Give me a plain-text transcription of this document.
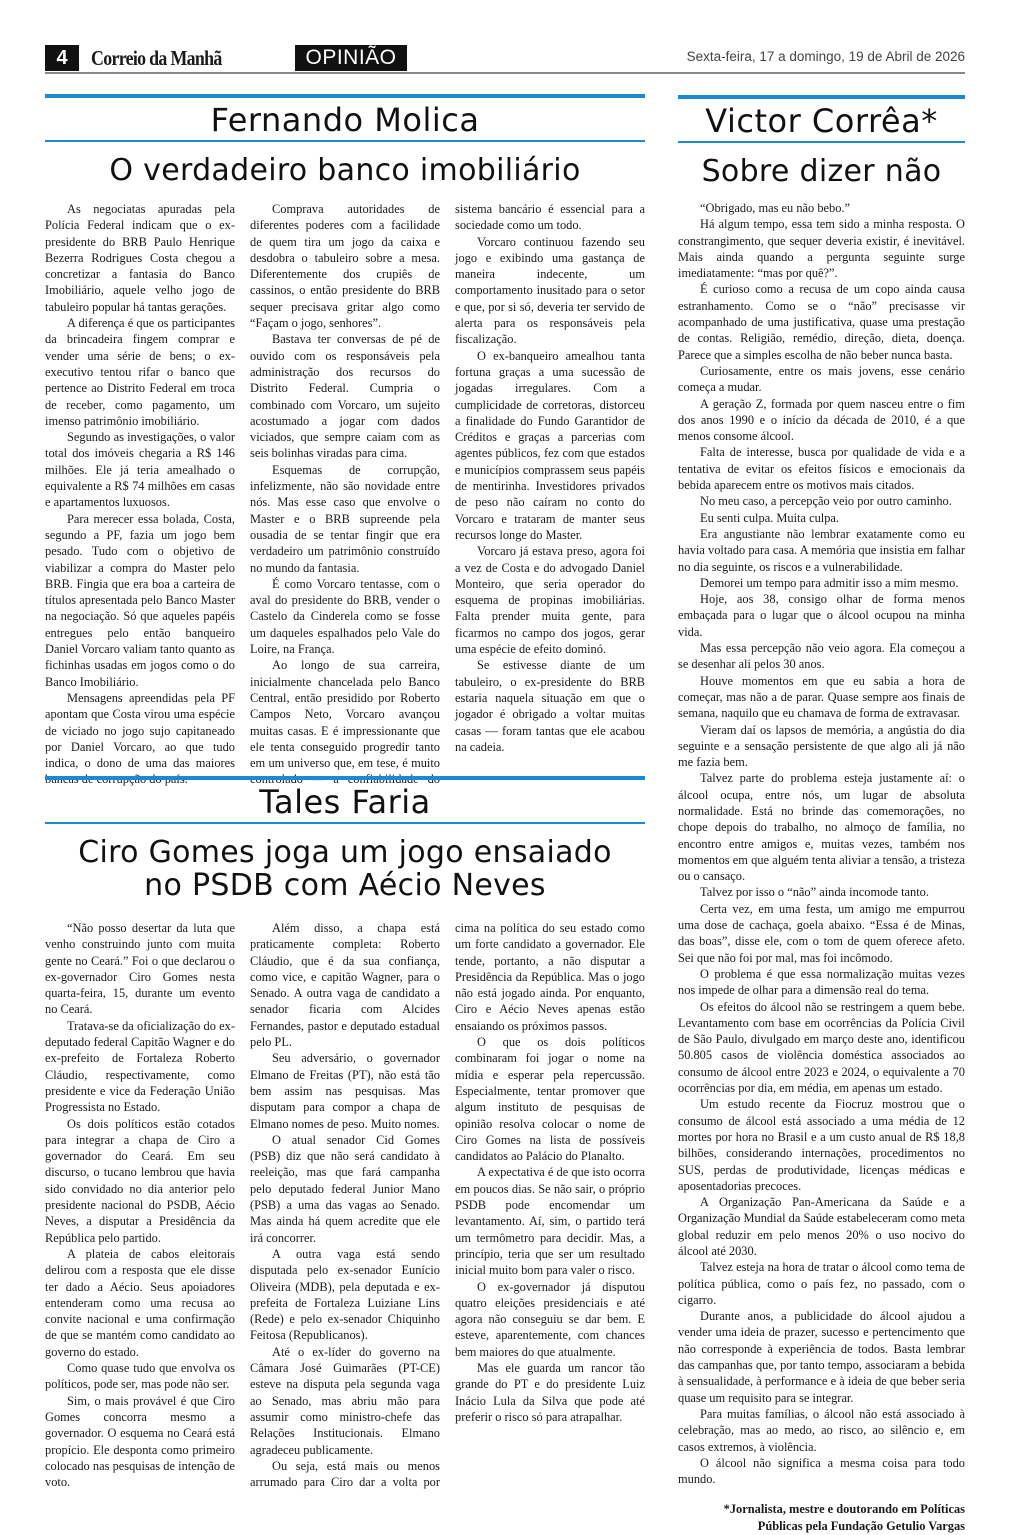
4	Correio da Manhã	OPINIÃO	Sexta-feira, 17 a domingo, 19 de Abril de 2026
Fernando Molica
O verdadeiro banco imobiliário

As negociatas apuradas pela Polícia Federal indicam que o ex-presidente do BRB Paulo Henrique Bezerra Rodrigues Costa chegou a concretizar a fantasia do Banco Imobiliário, aquele velho jogo de tabuleiro popular há tantas gerações.

A diferença é que os participantes da brincadeira fingem comprar e vender uma série de bens; o ex-executivo tentou rifar o banco que pertence ao Distrito Federal em troca de receber, como pagamento, um imenso patrimônio imobiliário.

Segundo as investigações, o valor total dos imóveis chegaria a R$ 146 milhões. Ele já teria amealhado o equivalente a R$ 74 milhões em casas e apartamentos luxuosos.

Para merecer essa bolada, Costa, segundo a PF, fazia um jogo bem pesado. Tudo com o objetivo de viabilizar a compra do Master pelo BRB. Fingia que era boa a carteira de títulos apresentada pelo Banco Master na negociação. Só que aqueles papéis entregues pelo então banqueiro Daniel Vorcaro valiam tanto quanto as fichinhas usadas em jogos como o do Banco Imobiliário.

Mensagens apreendidas pela PF apontam que Costa virou uma espécie de viciado no jogo sujo capitaneado por Daniel Vorcaro, ao que tudo indica, o dono de uma das maiores

Comprava autoridades de diferentes poderes com a facilidade de quem tira um jogo da caixa e desdobra o tabuleiro sobre a mesa. Diferentemente dos crupiês de cassinos, o então presidente do BRB sequer precisava gritar algo como “Façam o jogo, senhores”.

Bastava ter conversas de pé de ouvido com os responsáveis pela administração dos recursos do Distrito Federal. Cumpria o combinado com Vorcaro, um sujeito acostumado a jogar com dados viciados, que sempre caiam com as seis bolinhas viradas para cima.

Esquemas de corrupção, infelizmente, não são novidade entre nós. Mas esse caso que envolve o Master e o BRB supreende pela ousadia de se tentar fingir que era verdadeiro um patrimônio construído no mundo da fantasia.

É como Vorcaro tentasse, com o aval do presidente do BRB, vender o Castelo da Cinderela como se fosse um daqueles espalhados pelo Vale do Loire, na França.

Ao longo de sua carreira, inicialmente chancelada pelo Banco Central, então presidido por Roberto Campos Neto, Vorcaro avançou muitas casas. E é impressionante que ele tenta conseguido progredir tanto em um universo que, em tese, é muito sistema bancário é essencial para a sociedade como um todo.

Vorcaro continuou fazendo seu jogo e exibindo uma gastança de maneira indecente, um comportamento inusitado para o setor e que, por si só, deveria ter servido de alerta para os responsáveis pela fiscalização.

O ex-banqueiro amealhou tanta fortuna graças a uma sucessão de jogadas irregulares. Com a cumplicidade de corretoras, distorceu a finalidade do Fundo Garantidor de Créditos e graças a parcerias com agentes públicos, fez com que estados e municípios comprassem seus papéis de mentirinha. Investidores privados de peso não caíram no conto do Vorcaro e trataram de manter seus recursos longe do Master.

Vorcaro já estava preso, agora foi a vez de Costa e do advogado Daniel Monteiro, que seria operador do esquema de propinas imobiliárias. Falta prender muita gente, para ficarmos no campo dos jogos, gerar uma espécie de efeito dominó.

Se estivesse diante de um tabuleiro, o ex-presidente do BRB estaria naquela situação em que o jogador é obrigado a voltar muitas casas — foram tantas que ele acabou na cadeia.

Tales Faria
Ciro Gomes joga um jogo ensaiado
no PSDB com Aécio Neves

“Não posso desertar da luta que venho construindo junto com muita gente no Ceará.” Foi o que declarou o ex-governador Ciro Gomes nesta quarta-feira, 15, durante um evento no Ceará.

Tratava-se da oficialização do ex-deputado federal Capitão Wagner e do ex-prefeito de Fortaleza Roberto Cláudio, respectivamente, como presidente e vice da Federação União Progressista no Estado.

Os dois políticos estão cotados para integrar a chapa de Ciro a governador do Ceará. Em seu discurso, o tucano lembrou que havia sido convidado no dia anterior pelo presidente nacional do PSDB, Aécio Neves, a disputar a Presidência da República pelo partido.

A plateia de cabos eleitorais delirou com a resposta que ele disse ter dado a Aécio. Seus apoiadores entenderam como uma recusa ao convite nacional e uma confirmação de que se mantém como candidato ao governo do estado.

Como quase tudo que envolva os políticos, pode ser, mas pode não ser.

Sim, o mais provável é que Ciro Gomes concorra mesmo a governador. O esquema no Ceará está propício. Ele desponta como primeiro colocado nas pesquisas de intenção de voto.

Além disso, a chapa está praticamente completa: Roberto Cláudio, que é da sua confiança, como vice, e capitão Wagner, para o Senado. A outra vaga de candidato a senador ficaria com Alcides Fernandes, pastor e deputado estadual pelo PL.

Seu adversário, o governador Elmano de Freitas (PT), não está tão bem assim nas pesquisas. Mas disputam para compor a chapa de Elmano nomes de peso. Muito nomes.

O atual senador Cid Gomes (PSB) diz que não será candidato à reeleição, mas que fará campanha pelo deputado federal Junior Mano (PSB) a uma das vagas ao Senado. Mas ainda há quem acredite que ele irá concorrer.

A outra vaga está sendo disputada pelo ex-senador Eunício Oliveira (MDB), pela deputada e ex-prefeita de Fortaleza Luiziane Lins (Rede) e pelo ex-senador Chiquinho Feitosa (Republicanos).

Até o ex-líder do governo na Câmara José Guimarães (PT-CE) esteve na disputa pela segunda vaga ao Senado, mas abriu mão para assumir como ministro-chefe das Relações Institucionais. Elmano agradeceu publicamente.

Ou seja, está mais ou menos arrumado para Ciro dar a volta por cima na política do seu estado como um forte candidato a governador. Ele tende, portanto, a não disputar a Presidência da República. Mas o jogo não está jogado ainda. Por enquanto, Ciro e Aécio Neves apenas estão ensaiando os próximos passos.

O que os dois políticos combinaram foi jogar o nome na mídia e esperar pela repercussão. Especialmente, tentar promover que algum instituto de pesquisas de opinião resolva colocar o nome de Ciro Gomes na lista de possíveis candidatos ao Palácio do Planalto.

A expectativa é de que isto ocorra em poucos dias. Se não sair, o próprio PSDB pode encomendar um levantamento. Aí, sim, o partido terá um termômetro para decidir. Mas, a princípio, teria que ser um resultado inicial muito bom para valer o risco.

O ex-governador já disputou quatro eleições presidenciais e até agora não conseguiu se dar bem. E esteve, aparentemente, com chances bem maiores do que atualmente.

Mas ele guarda um rancor tão grande do PT e do presidente Luiz Inácio Lula da Silva que pode até preferir o risco só para atrapalhar.

Victor Corrêa*
Sobre dizer não

“Obrigado, mas eu não bebo.”

Há algum tempo, essa tem sido a minha resposta. O constrangimento, que sequer deveria existir, é inevitável. Mais ainda quando a pergunta seguinte surge imediatamente: “mas por quê?”.

É curioso como a recusa de um copo ainda causa estranhamento. Como se o “não” precisasse vir acompanhado de uma justificativa, quase uma prestação de contas. Religião, remédio, direção, dieta, doença. Parece que a simples escolha de não beber nunca basta.

Curiosamente, entre os mais jovens, esse cenário começa a mudar.

A geração Z, formada por quem nasceu entre o fim dos anos 1990 e o início da década de 2010, é a que menos consome álcool.

Falta de interesse, busca por qualidade de vida e a tentativa de evitar os efeitos físicos e emocionais da bebida aparecem entre os motivos mais citados.

No meu caso, a percepção veio por outro caminho.

Eu senti culpa. Muita culpa.

Era angustiante não lembrar exatamente como eu havia voltado para casa. A memória que insistia em falhar no dia seguinte, os riscos e a vulnerabilidade.

Demorei um tempo para admitir isso a mim mesmo.

Hoje, aos 38, consigo olhar de forma menos embaçada para o lugar que o álcool ocupou na minha vida.

Mas essa percepção não veio agora. Ela começou a se desenhar ali pelos 30 anos.

Houve momentos em que eu sabia a hora de começar, mas não a de parar. Quase sempre aos finais de semana, naquilo que eu chamava de forma de extravasar.

Vieram daí os lapsos de memória, a angústia do dia seguinte e a sensação persistente de que algo ali já não me fazia bem.

Talvez parte do problema esteja justamente aí: o álcool ocupa, entre nós, um lugar de absoluta normalidade. Está no brinde das comemorações, no chope depois do trabalho, no almoço de família, no encontro entre amigos e, muitas vezes, também nos momentos em que alguém tenta aliviar a tensão, a tristeza ou o cansaço.

Talvez por isso o “não” ainda incomode tanto.

Certa vez, em uma festa, um amigo me empurrou uma dose de cachaça, goela abaixo. “Essa é de Minas, das boas”, disse ele, com o tom de quem oferece afeto. Sei que não foi por mal, mas foi incômodo.

O problema é que essa normalização muitas vezes nos impede de olhar para a dimensão real do tema.

Os efeitos do álcool não se restringem a quem bebe. Levantamento com base em ocorrências da Polícia Civil de São Paulo, divulgado em março deste ano, identificou 50.805 casos de violência doméstica associados ao consumo de álcool entre 2023 e 2024, o equivalente a 70 ocorrências por dia, em média, em apenas um estado.

Um estudo recente da Fiocruz mostrou que o consumo de álcool está associado a uma média de 12 mortes por hora no Brasil e a um custo anual de R$ 18,8 bilhões, considerando internações, procedimentos no SUS, perdas de produtividade, licenças médicas e aposentadorias precoces.

A Organização Pan-Americana da Saúde e a Organização Mundial da Saúde estabeleceram como meta global reduzir em pelo menos 20% o uso nocivo do álcool até 2030.

Talvez esteja na hora de tratar o álcool como tema de política pública, como o país fez, no passado, com o cigarro.

Durante anos, a publicidade do álcool ajudou a vender uma ideia de prazer, sucesso e pertencimento que não corresponde à experiência de todos. Basta lembrar das campanhas que, por tanto tempo, associaram a bebida à sensualidade, à performance e à ideia de que beber seria quase um requisito para se integrar.

Para muitas famílias, o álcool não está associado à celebração, mas ao medo, ao risco, ao silêncio e, em casos extremos, à violência.

O álcool não significa a mesma coisa para todo mundo.

*Jornalista, mestre e doutorando em Políticas
Públicas pela Fundação Getulio Vargas
